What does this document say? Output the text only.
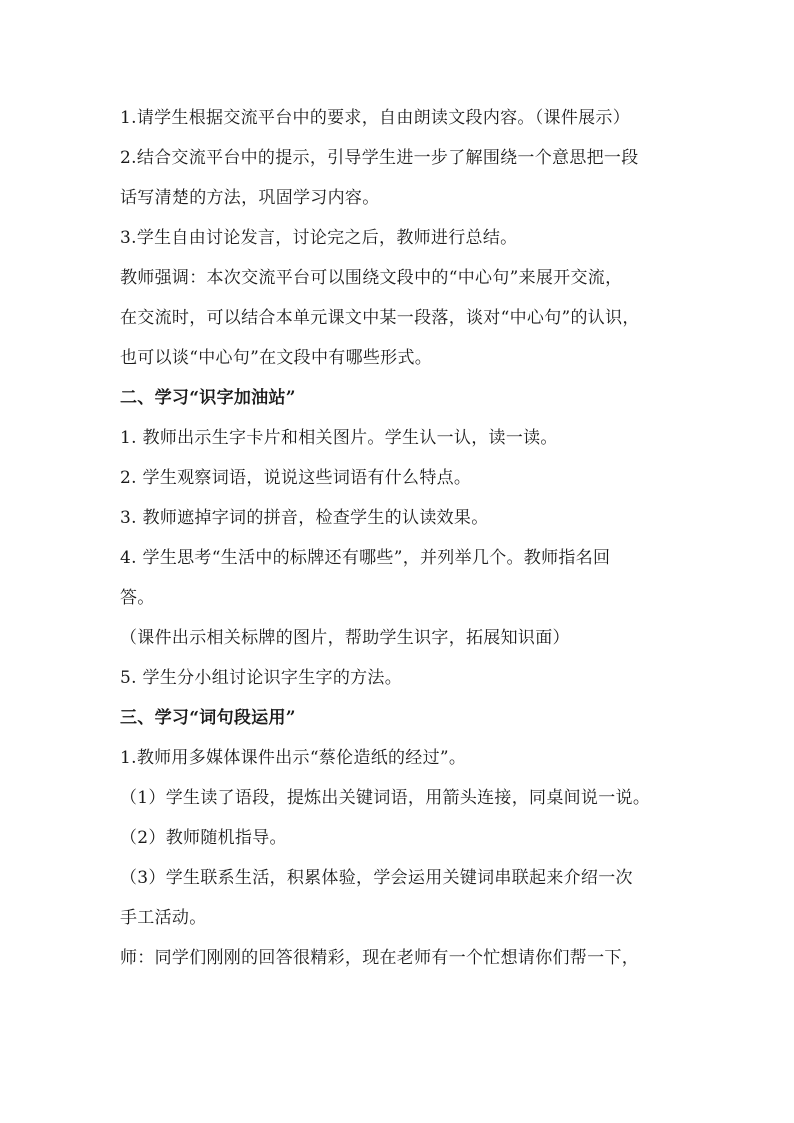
1.请学生根据交流平台中的要求，自由朗读文段内容。（课件展示）

2.结合交流平台中的提示，引导学生进一步了解围绕一个意思把一段

话写清楚的方法，巩固学习内容。

3.学生自由讨论发言，讨论完之后，教师进行总结。

教师强调：本次交流平台可以围绕文段中的“中心句”来展开交流，

在交流时，可以结合本单元课文中某一段落，谈对“中心句”的认识，

也可以谈“中心句”在文段中有哪些形式。

二、学习“识字加油站”

1. 教师出示生字卡片和相关图片。学生认一认，读一读。

2. 学生观察词语，说说这些词语有什么特点。

3. 教师遮掉字词的拼音，检查学生的认读效果。

4. 学生思考“生活中的标牌还有哪些”，并列举几个。教师指名回

答。

（课件出示相关标牌的图片，帮助学生识字，拓展知识面）

5. 学生分小组讨论识字生字的方法。

三、学习“词句段运用”

1.教师用多媒体课件出示“蔡伦造纸的经过”。

（1）学生读了语段，提炼出关键词语，用箭头连接，同桌间说一说。

（2）教师随机指导。

（3）学生联系生活，积累体验，学会运用关键词串联起来介绍一次

手工活动。

师：同学们刚刚的回答很精彩，现在老师有一个忙想请你们帮一下，
